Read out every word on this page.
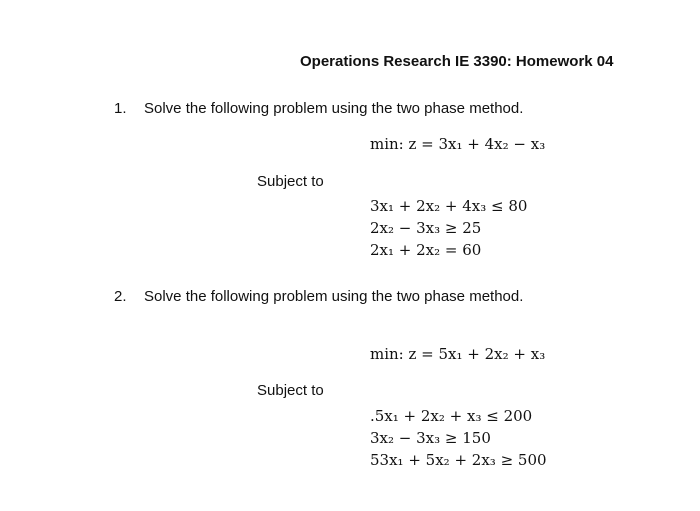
Operations Research IE 3390: Homework 04
1. Solve the following problem using the two phase method.
min: z = 3x₁ + 4x₂ − x₃
Subject to
3x₁ + 2x₂ + 4x₃ ≤ 80
2x₂ − 3x₃ ≥ 25
2x₁ + 2x₂ = 60
2. Solve the following problem using the two phase method.
min: z = 5x₁ + 2x₂ + x₃
Subject to
.5x₁ + 2x₂ + x₃ ≤ 200
3x₂ − 3x₃ ≥ 150
53x₁ + 5x₂ + 2x₃ ≥ 500
